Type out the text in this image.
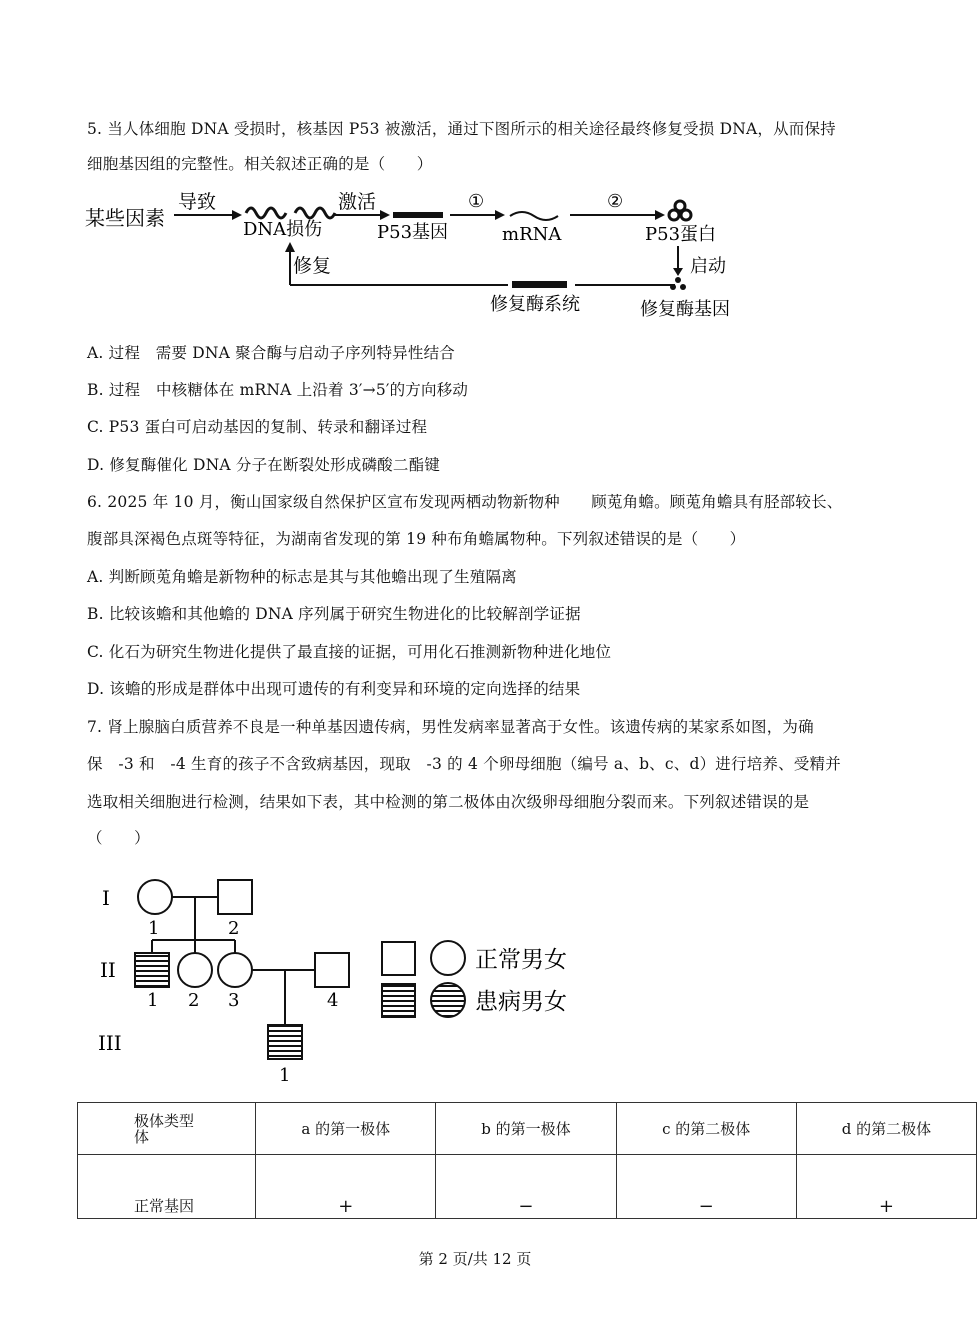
5. 当人体细胞 DNA 受损时，核基因 P53 被激活，通过下图所示的相关途径最终修复受损 DNA，从而保持
细胞基因组的完整性。相关叙述正确的是（　　）
某些因素
导致
DNA损伤
激活
P53基因
①
mRNA
②
P53蛋白
启动
修复酶基因
修复酶系统
修复
A. 过程　需要 DNA 聚合酶与启动子序列特异性结合
B. 过程　中核糖体在 mRNA 上沿着 3′→5′的方向移动
C. P53 蛋白可启动基因的复制、转录和翻译过程
D. 修复酶催化 DNA 分子在断裂处形成磷酸二酯键
6. 2025 年 10 月，衡山国家级自然保护区宣布发现两栖动物新物种　　顾莵角蟾。顾莵角蟾具有胫部较长、
腹部具深褐色点斑等特征，为湖南省发现的第 19 种布角蟾属物种。下列叙述错误的是（　　）
A. 判断顾莵角蟾是新物种的标志是其与其他蟾出现了生殖隔离
B. 比较该蟾和其他蟾的 DNA 序列属于研究生物进化的比较解剖学证据
C. 化石为研究生物进化提供了最直接的证据，可用化石推测新物种进化地位
D. 该蟾的形成是群体中出现可遗传的有利变异和环境的定向选择的结果
7. 肾上腺脑白质营养不良是一种单基因遗传病，男性发病率显著高于女性。该遗传病的某家系如图，为确
保　-3 和　-4 生育的孩子不含致病基因，现取　-3 的 4 个卵母细胞（编号 a、b、c、d）进行培养、受精并
选取相关细胞进行检测，结果如下表，其中检测的第二极体由次级卵母细胞分裂而来。下列叙述错误的是
（　　）
I
II
III
1	2
1 2 3	4
1
正常男女
患病男女
极体类型
体	a 的第一极体	b 的第一极体	c 的第二极体	d 的第二极体
正常基因	+	−	−	+
第 2 页/共 12 页
